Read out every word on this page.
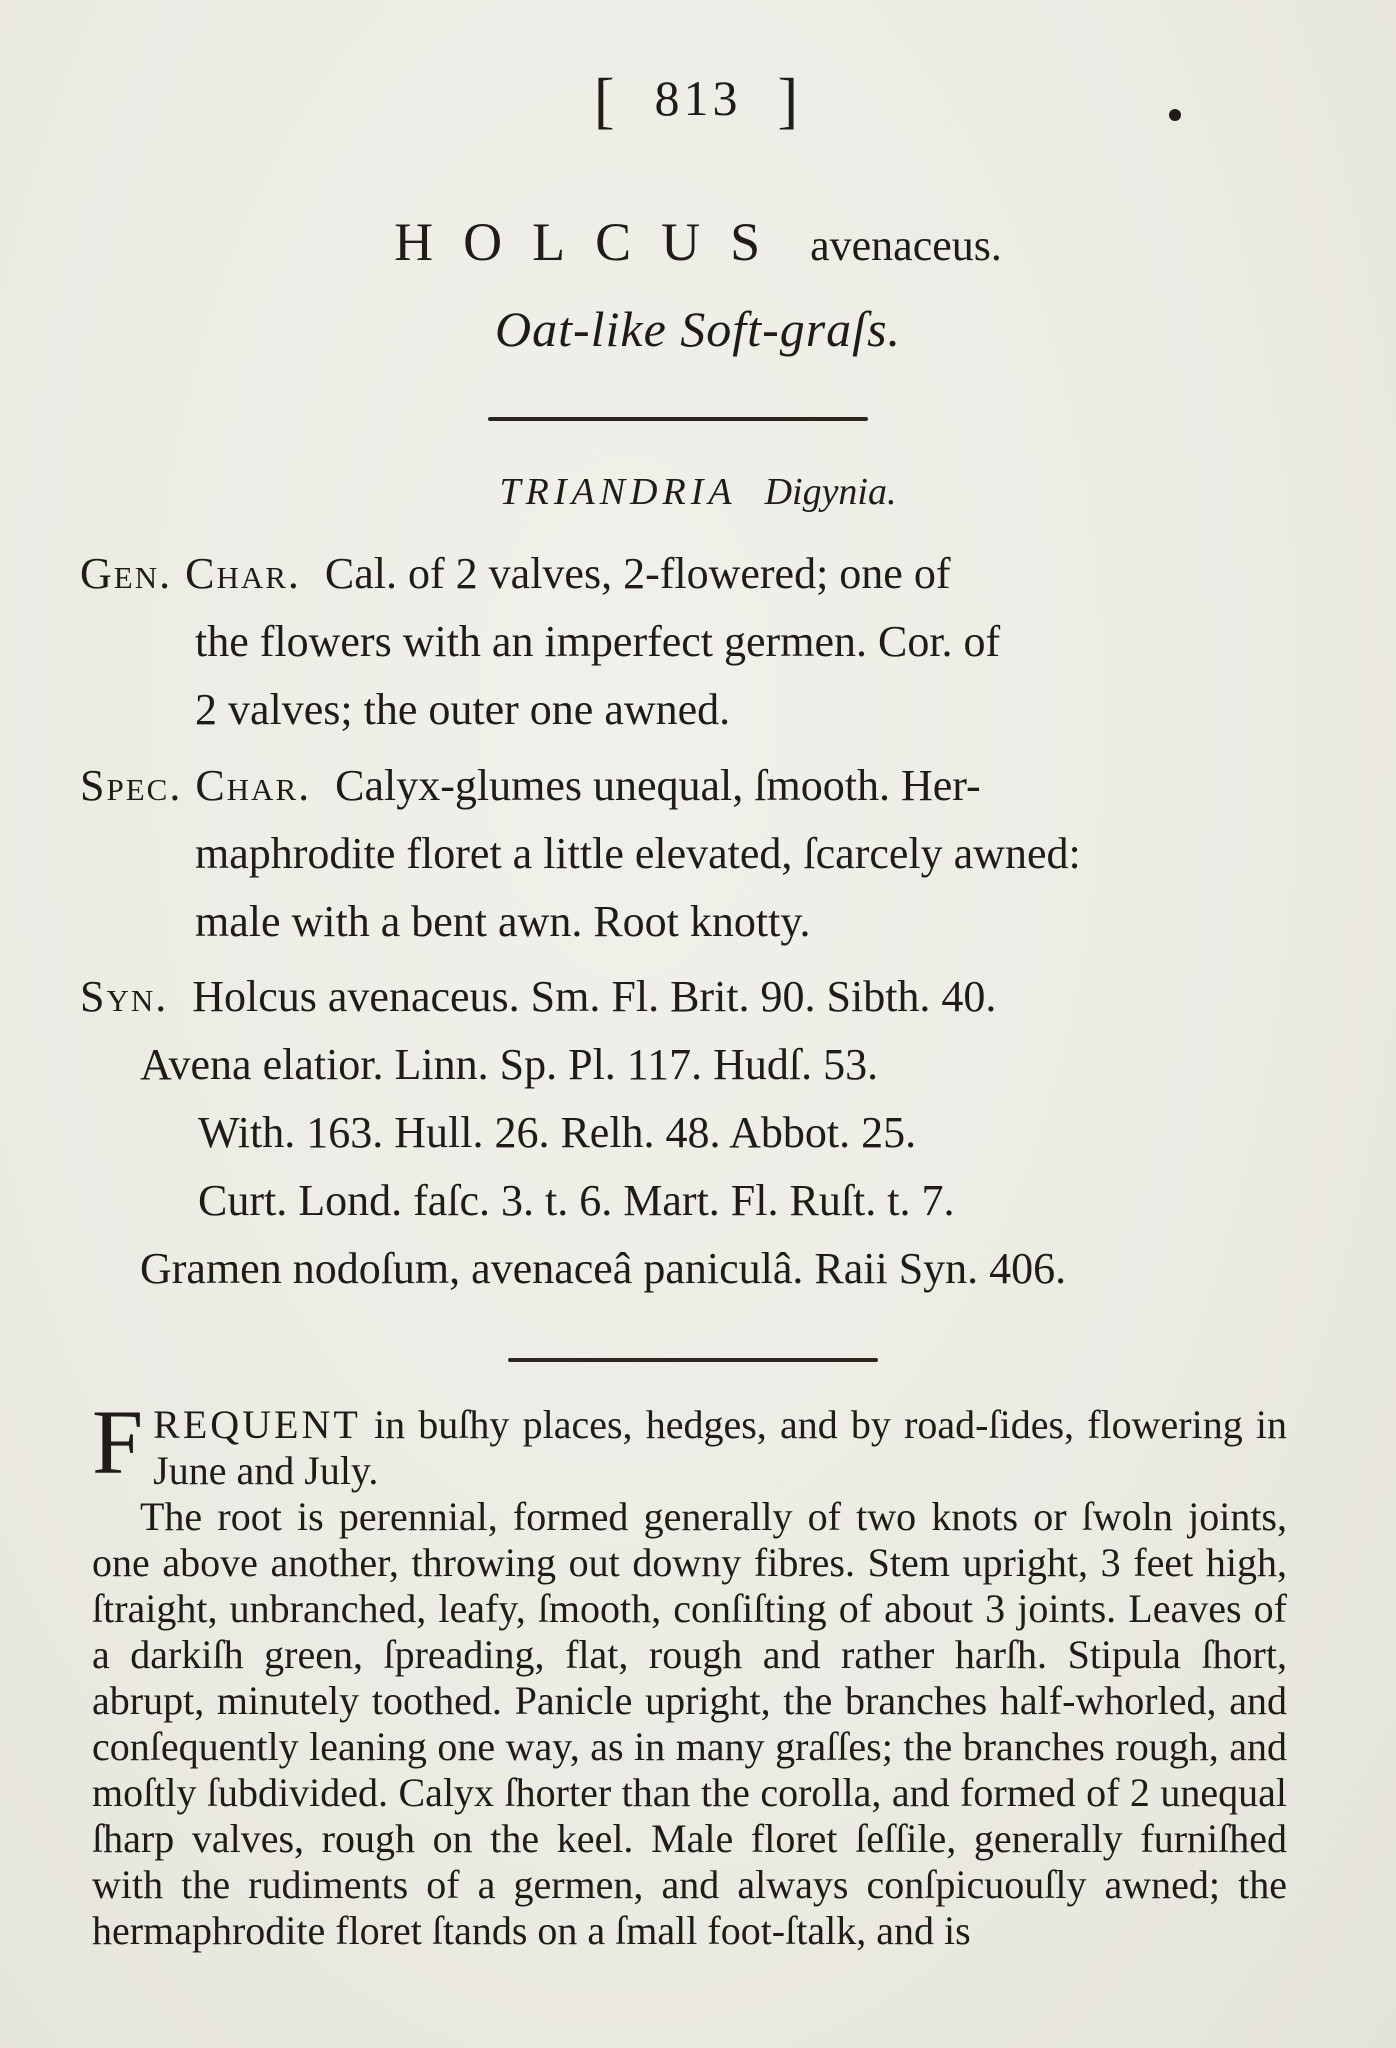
[ 813 ]
HOLCUS avenaceus.
Oat-like Soft-graſs.
TRIANDRIA Digynia.
Gen. Char. Cal. of 2 valves, 2-flowered; one of
the flowers with an imperfect germen. Cor. of
2 valves; the outer one awned.
Spec. Char. Calyx-glumes unequal, ſmooth. Her-
maphrodite floret a little elevated, ſcarcely awned:
male with a bent awn. Root knotty.
Syn. Holcus avenaceus. Sm. Fl. Brit. 90. Sibth. 40.
Avena elatior. Linn. Sp. Pl. 117. Hudſ. 53.
With. 163. Hull. 26. Relh. 48. Abbot. 25.
Curt. Lond. faſc. 3. t. 6. Mart. Fl. Ruſt. t. 7.
Gramen nodoſum, avenaceâ paniculâ. Raii Syn. 406.

FREQUENT in buſhy places, hedges, and by road-ſides, flowering in June and July.

The root is perennial, formed generally of two knots or ſwoln joints, one above another, throwing out downy fibres. Stem upright, 3 feet high, ſtraight, unbranched, leafy, ſmooth, conſiſting of about 3 joints. Leaves of a darkiſh green, ſpreading, flat, rough and rather harſh. Stipula ſhort, abrupt, minutely toothed. Panicle upright, the branches half-whorled, and conſequently leaning one way, as in many graſſes; the branches rough, and moſtly ſubdivided. Calyx ſhorter than the corolla, and formed of 2 unequal ſharp valves, rough on the keel. Male floret ſeſſile, generally furniſhed with the rudiments of a germen, and always conſpicuouſly awned; the hermaphrodite floret ſtands on a ſmall foot-ſtalk, and is
